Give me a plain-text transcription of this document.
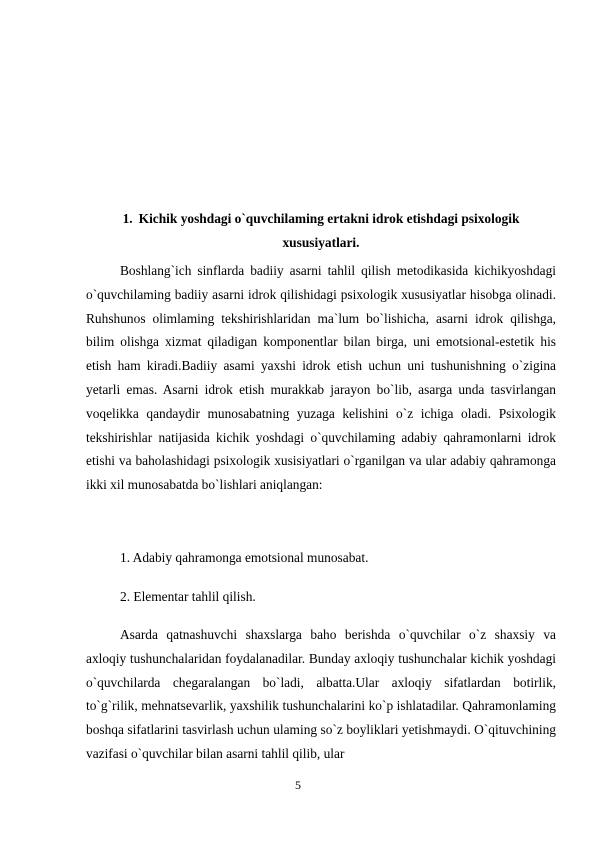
1. Kichik yoshdagi o`quvchilaming ertakni idrok etishdagi psixologik xususiyatlari.

Boshlang`ich sinflarda badiiy asarni tahlil qilish metodikasida kichikyoshdagi o`quvchilaming badiiy asarni idrok qilishidagi psixologik xususiyatlar hisobga olinadi. Ruhshunos olimlaming tekshirishlaridan ma`lum bo`lishicha, asarni idrok qilishga, bilim olishga xizmat qiladigan komponentlar bilan birga, uni emotsional-estetik his etish ham kiradi.Badiiy asami yaxshi idrok etish uchun uni tushunishning o`zigina yetarli emas. Asarni idrok etish murakkab jarayon bo`lib, asarga unda tasvirlangan voqelikka qandaydir munosabatning yuzaga kelishini o`z ichiga oladi. Psixologik tekshirishlar natijasida kichik yoshdagi o`quvchilaming adabiy qahramonlarni idrok etishi va baholashidagi psixologik xusisiyatlari o`rganilgan va ular adabiy qahramonga ikki xil munosabatda bo`lishlari aniqlangan:

1. Adabiy qahramonga emotsional munosabat.

2. Elementar tahlil qilish.

Asarda qatnashuvchi shaxslarga baho berishda o`quvchilar o`z shaxsiy va axloqiy tushunchalaridan foydalanadilar. Bunday axloqiy tushunchalar kichik yoshdagi o`quvchilarda chegaralangan bo`ladi, albatta.Ular axloqiy sifatlardan botirlik, to`g`rilik, mehnatsevarlik, yaxshilik tushunchalarini ko`p ishlatadilar. Qahramonlaming boshqa sifatlarini tasvirlash uchun ulaming so`z boyliklari yetishmaydi. O`qituvchining vazifasi o`quvchilar bilan asarni tahlil qilib, ular

5
